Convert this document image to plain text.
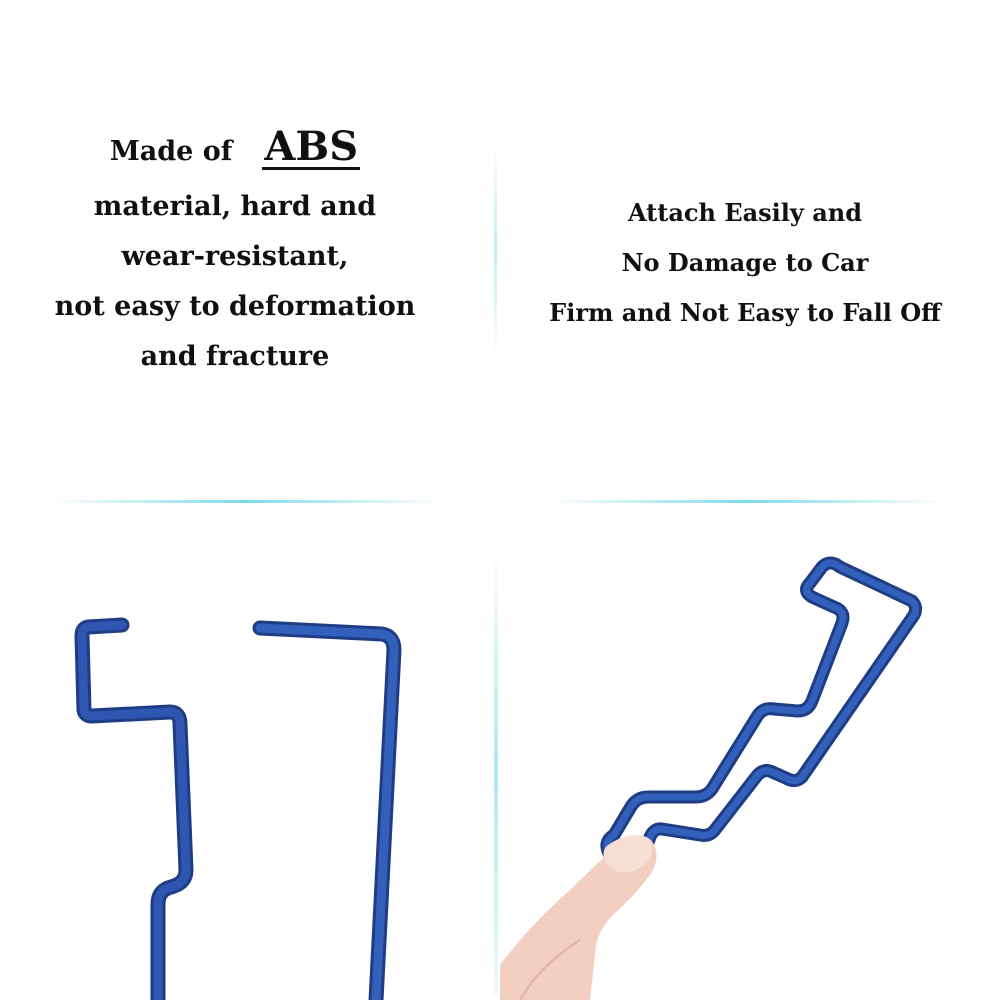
Made of ABS
material, hard and
wear-resistant,
not easy to deformation
and fracture
Attach Easily and
No Damage to Car
Firm and Not Easy to Fall Off
